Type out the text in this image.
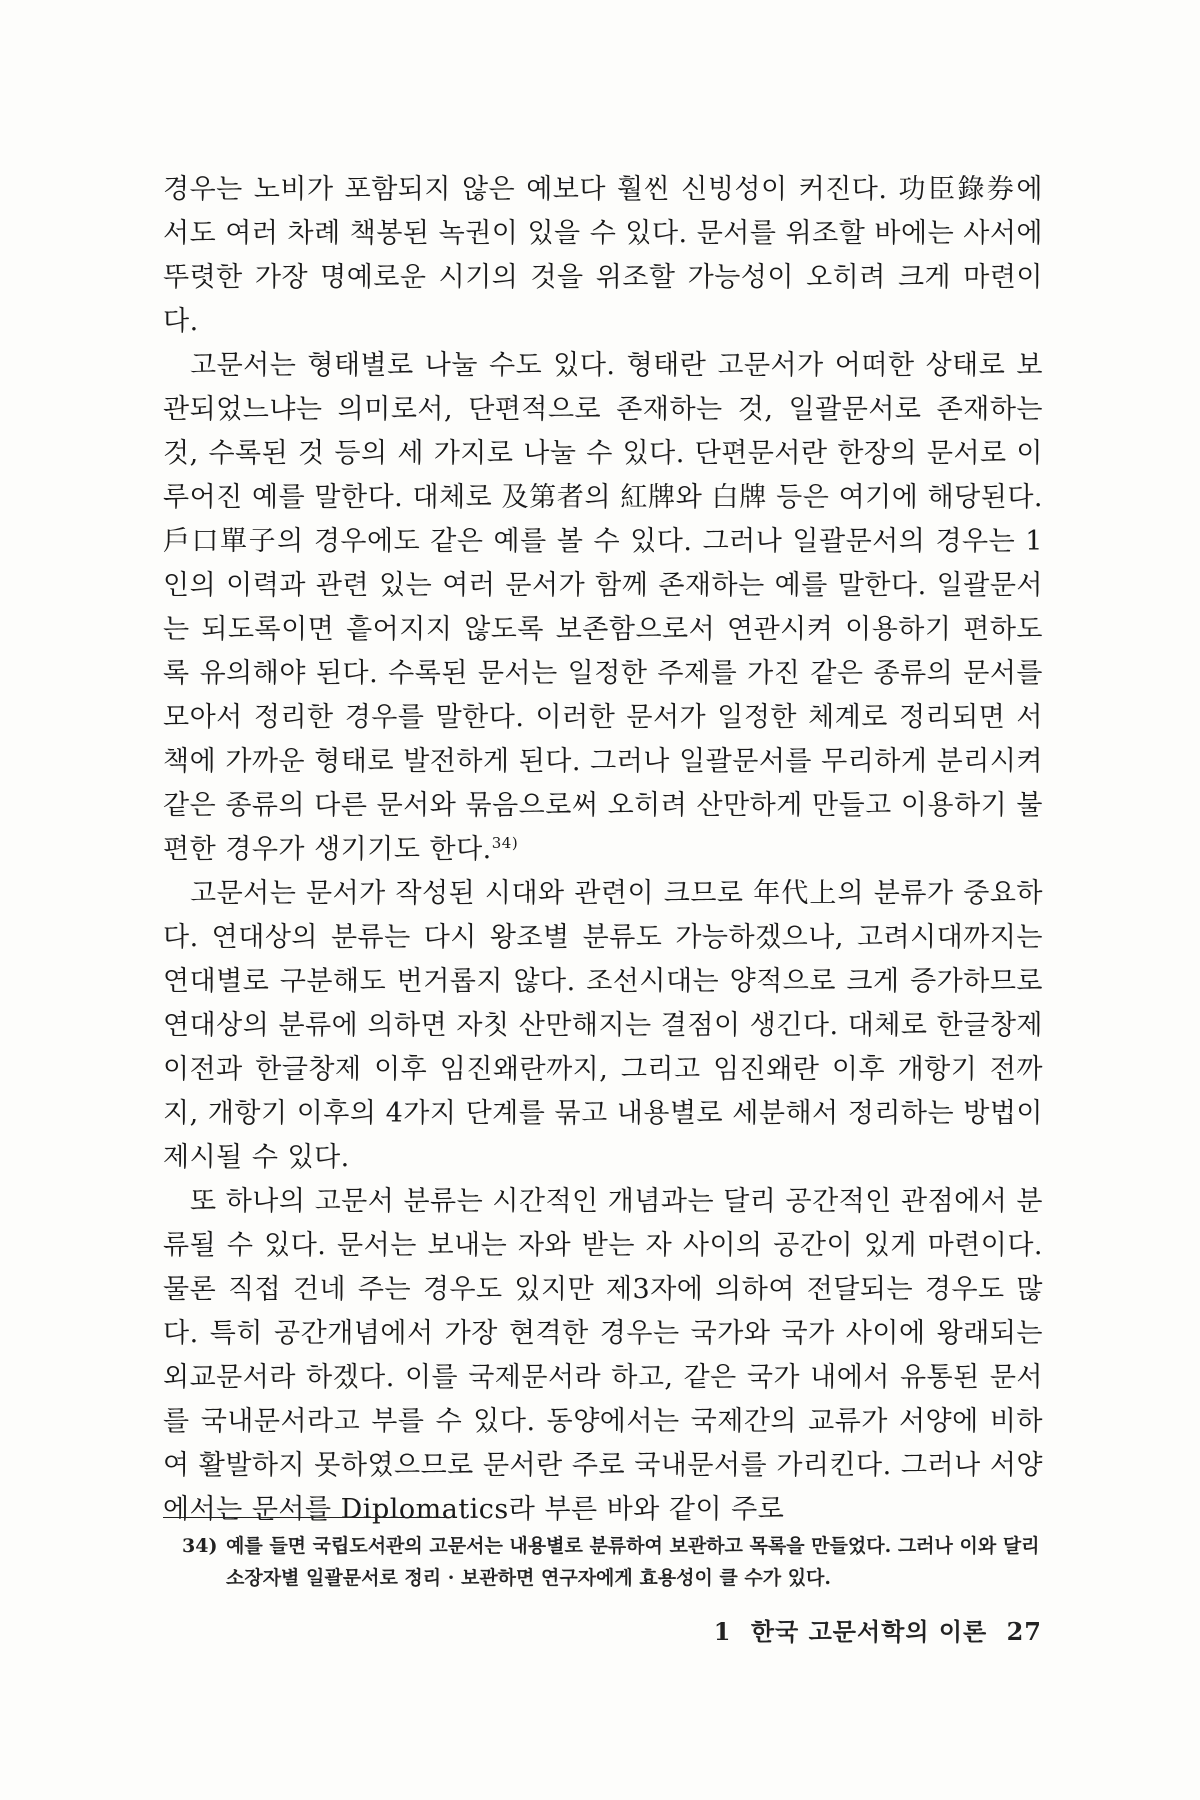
경우는 노비가 포함되지 않은 예보다 훨씬 신빙성이 커진다. 功臣錄券에서도 여러 차례 책봉된 녹권이 있을 수 있다. 문서를 위조할 바에는 사서에 뚜렷한 가장 명예로운 시기의 것을 위조할 가능성이 오히려 크게 마련이다.

고문서는 형태별로 나눌 수도 있다. 형태란 고문서가 어떠한 상태로 보관되었느냐는 의미로서, 단편적으로 존재하는 것, 일괄문서로 존재하는 것, 수록된 것 등의 세 가지로 나눌 수 있다. 단편문서란 한장의 문서로 이루어진 예를 말한다. 대체로 及第者의 紅牌와 白牌 등은 여기에 해당된다. 戶口單子의 경우에도 같은 예를 볼 수 있다. 그러나 일괄문서의 경우는 1인의 이력과 관련 있는 여러 문서가 함께 존재하는 예를 말한다. 일괄문서는 되도록이면 흩어지지 않도록 보존함으로서 연관시켜 이용하기 편하도록 유의해야 된다. 수록된 문서는 일정한 주제를 가진 같은 종류의 문서를 모아서 정리한 경우를 말한다. 이러한 문서가 일정한 체계로 정리되면 서책에 가까운 형태로 발전하게 된다. 그러나 일괄문서를 무리하게 분리시켜 같은 종류의 다른 문서와 묶음으로써 오히려 산만하게 만들고 이용하기 불편한 경우가 생기기도 한다.$^{34)}$

고문서는 문서가 작성된 시대와 관련이 크므로 年代上의 분류가 중요하다. 연대상의 분류는 다시 왕조별 분류도 가능하겠으나, 고려시대까지는 연대별로 구분해도 번거롭지 않다. 조선시대는 양적으로 크게 증가하므로 연대상의 분류에 의하면 자칫 산만해지는 결점이 생긴다. 대체로 한글창제 이전과 한글창제 이후 임진왜란까지, 그리고 임진왜란 이후 개항기 전까지, 개항기 이후의 4가지 단계를 묶고 내용별로 세분해서 정리하는 방법이 제시될 수 있다.

또 하나의 고문서 분류는 시간적인 개념과는 달리 공간적인 관점에서 분류될 수 있다. 문서는 보내는 자와 받는 자 사이의 공간이 있게 마련이다. 물론 직접 건네 주는 경우도 있지만 제3자에 의하여 전달되는 경우도 많다. 특히 공간개념에서 가장 현격한 경우는 국가와 국가 사이에 왕래되는 외교문서라 하겠다. 이를 국제문서라 하고, 같은 국가 내에서 유통된 문서를 국내문서라고 부를 수 있다. 동양에서는 국제간의 교류가 서양에 비하여 활발하지 못하였으므로 문서란 주로 국내문서를 가리킨다. 그러나 서양에서는 문서를 Diplomatics라 부른 바와 같이 주로

34) 예를 들면 국립도서관의 고문서는 내용별로 분류하여 보관하고 목록을 만들었다. 그러나 이와 달리 소장자별 일괄문서로 정리 · 보관하면 연구자에게 효용성이 클 수가 있다.

1 한국 고문서학의 이론 27
